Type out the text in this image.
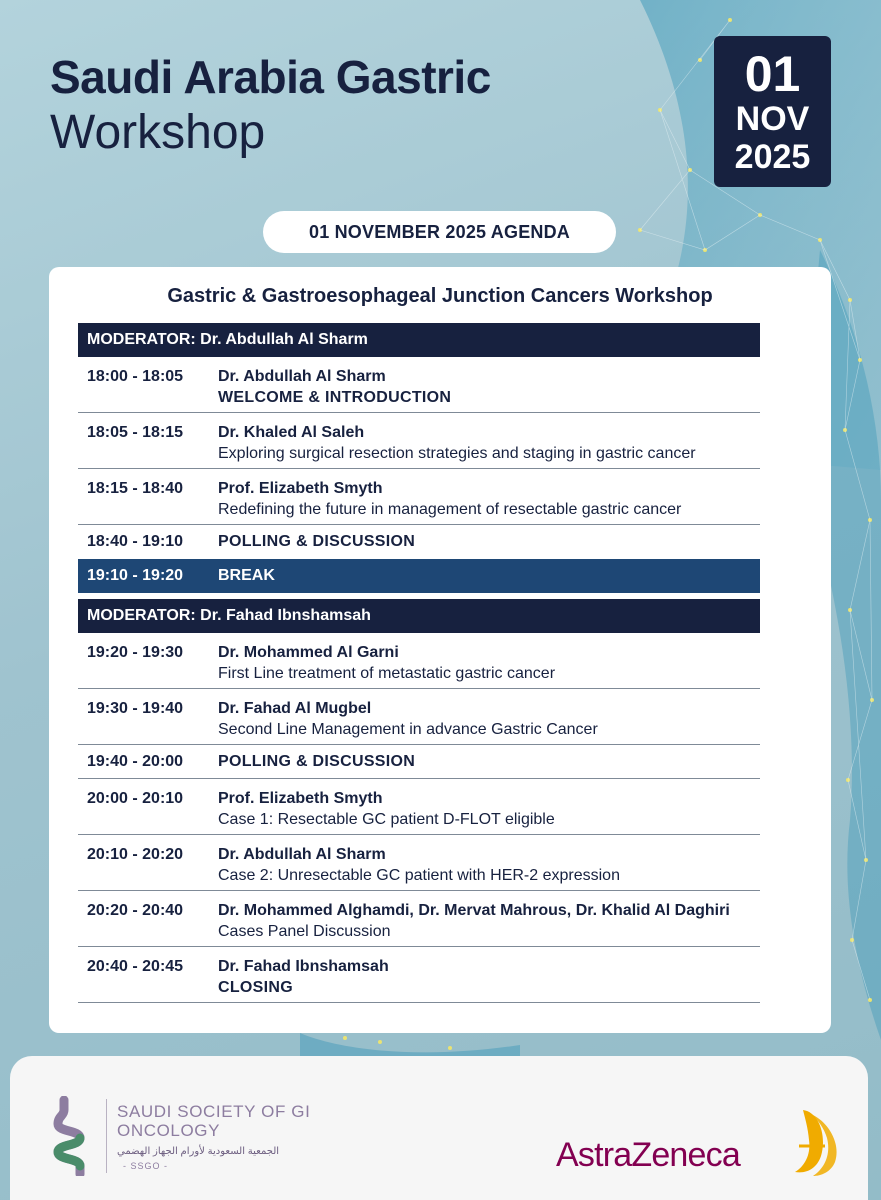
Saudi Arabia Gastric
Workshop
01
NOV
2025
01 NOVEMBER 2025 AGENDA
Gastric & Gastroesophageal Junction Cancers Workshop
MODERATOR: Dr. Abdullah Al Sharm
18:00 - 18:05	Dr. Abdullah Al Sharm
WELCOME & INTRODUCTION
18:05 - 18:15	Dr. Khaled Al Saleh
Exploring surgical resection strategies and staging in gastric cancer
18:15 - 18:40	Prof. Elizabeth Smyth
Redefining the future in management of resectable gastric cancer
18:40 - 19:10	POLLING & DISCUSSION
19:10 - 19:20	BREAK
MODERATOR: Dr. Fahad Ibnshamsah
19:20 - 19:30	Dr. Mohammed Al Garni
First Line treatment of metastatic gastric cancer
19:30 - 19:40	Dr. Fahad Al Mugbel
Second Line Management in advance Gastric Cancer
19:40 - 20:00	POLLING & DISCUSSION
20:00 - 20:10	Prof. Elizabeth Smyth
Case 1: Resectable GC patient D-FLOT eligible
20:10 - 20:20	Dr. Abdullah Al Sharm
Case 2: Unresectable GC patient with HER-2 expression
20:20 - 20:40	Dr. Mohammed Alghamdi, Dr. Mervat Mahrous, Dr. Khalid Al Daghiri
Cases Panel Discussion
20:40 - 20:45	Dr. Fahad Ibnshamsah
CLOSING
SAUDI SOCIETY OF GI
ONCOLOGY
الجمعية السعودية لأورام الجهاز الهضمي
- SSGO -	AstraZeneca
